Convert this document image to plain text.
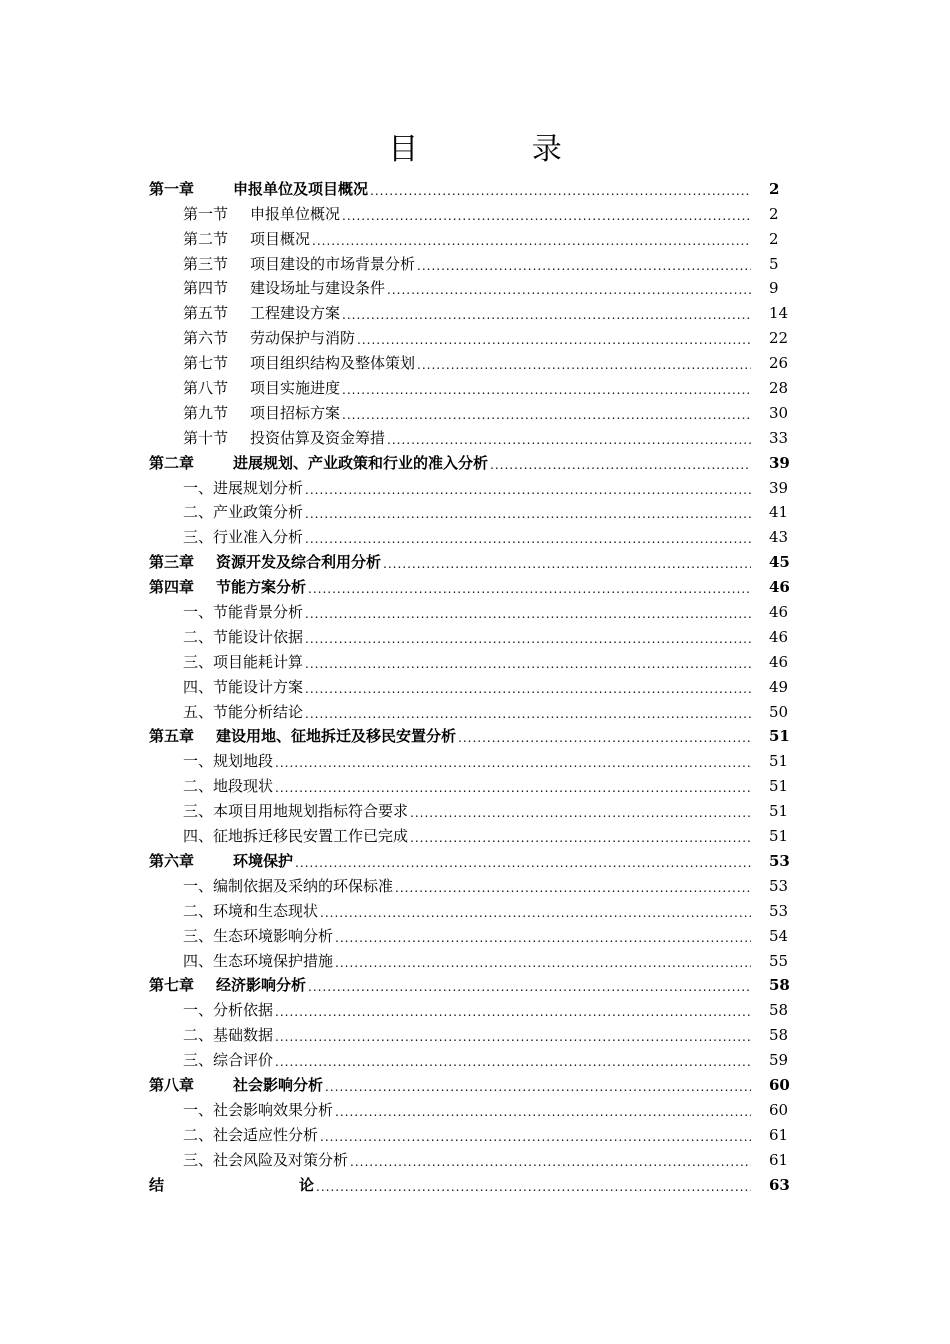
目 录
第一章	申报单位及项目概况 .....	2
第一节 申报单位概况 .....	2
第二节 项目概况 .....	2
第三节 项目建设的市场背景分析 .....	5
第四节 建设场址与建设条件 .....	9
第五节 工程建设方案 .....	14
第六节 劳动保护与消防 .....	22
第七节 项目组织结构及整体策划 .....	26
第八节 项目实施进度 .....	28
第九节 项目招标方案 .....	30
第十节 投资估算及资金筹措 .....	33
第二章	进展规划、产业政策和行业的准入分析 .....	39
一、进展规划分析 .....	39
二、产业政策分析 .....	41
三、行业准入分析 .....	43
第三章 资源开发及综合利用分析 .....	45
第四章 节能方案分析 .....	46
一、节能背景分析 .....	46
二、节能设计依据 .....	46
三、项目能耗计算 .....	46
四、节能设计方案 .....	49
五、节能分析结论 .....	50
第五章 建设用地、征地拆迁及移民安置分析 .....	51
一、规划地段 .....	51
二、地段现状 .....	51
三、本项目用地规划指标符合要求 .....	51
四、征地拆迁移民安置工作已完成 .....	51
第六章	环境保护 .....	53
一、编制依据及采纳的环保标准 .....	53
二、环境和生态现状 .....	53
三、生态环境影响分析 .....	54
四、生态环境保护措施 .....	55
第七章 经济影响分析 .....	58
一、分析依据 .....	58
二、基础数据 .....	58
三、综合评价 .....	59
第八章	社会影响分析 .....	60
一、社会影响效果分析 .....	60
二、社会适应性分析 .....	61
三、社会风险及对策分析 .....	61
结	论 .....	63
